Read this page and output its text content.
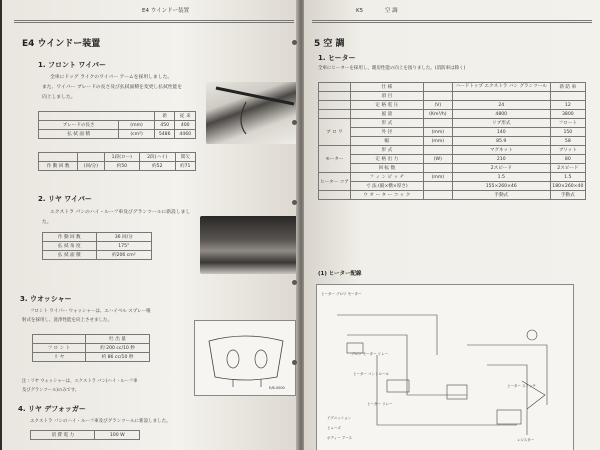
E4 ウインドー装置
E4 ウインドー装置
1. フロント ワイパー
全車にドッグ ライクのワイパー アームを採用しました。
また、ワイパー ブレードの長さ及び払拭面積を変更し払拭性能を
向上しました。
		新	従 来
ブレードの長さ	(mm)	450	400
払 拭 面 積	(cm²)	5486	4460
		1段(ロー)	2段(ハイ)	間欠
作 動 回 数	(回/分)	約50	約52	約71
2. リヤ ワイパー
エクストラ バンのハイ・ルーフ車及びグランツールに新設しまし
た。
作 動 回 数	36 回/分
払 拭 角 度	175°
払 拭 面 積	約206 cm²
3. ウオッシャー
フロント ワイパー ウォッシャーは、エハイベル スプレー噴
射式を採用し、洗浄性能を向上させました。
	吐 出 量
フ ロ ン ト	約 200 cc/10 秒
リ ヤ	約 86 cc/10 秒
注 : リヤ ウォッシャーは、エクストラ バン(ハイ・ルーフ車
及びグランツール)のみです。	E/8-0000
4. リヤ デフォッガー
エクストラ バンのハイ・ルーフ車及びグランツールに新設しました。
消 費 電 力	100 W
K5	空 調
5 空 調
1. ヒーター
全車にヒーターを採用し、暖房性能の向上を図りました。(消防車は除く)
	仕 様		ハードトップ エクストラ バン グランツール	新 防 車
	項 目			
	定 格 電 圧	(V)	24	12
	風 量	(Km³/h)	4800	3800
ブ ロ ワ	形 式		リブ形式	フロート
	外 径	(mm)	140	150
	幅	(mm)	85.9	58
モーター	形 式		マグネット	ブリット
	定 格 出 力	(W)	210	80
	回 転 数		2スピード	2スピード
ヒーター コア	フ ィ ン ピ ッ チ	(mm)	1.5	1.5
	寸 法 (縦×横×厚さ)		155×260×46	180×260×40
	ウ オ ー タ ー コ ッ ク		手動式	手動式
(1) ヒーター配線
ヒーター ブロワ モーター
ブロワ モーター リレー
ヒーター コントロール
ヒーター リレー
イグニッション
ヒューズ
ヒーター スイッチ
ボディー アース	レジスター
